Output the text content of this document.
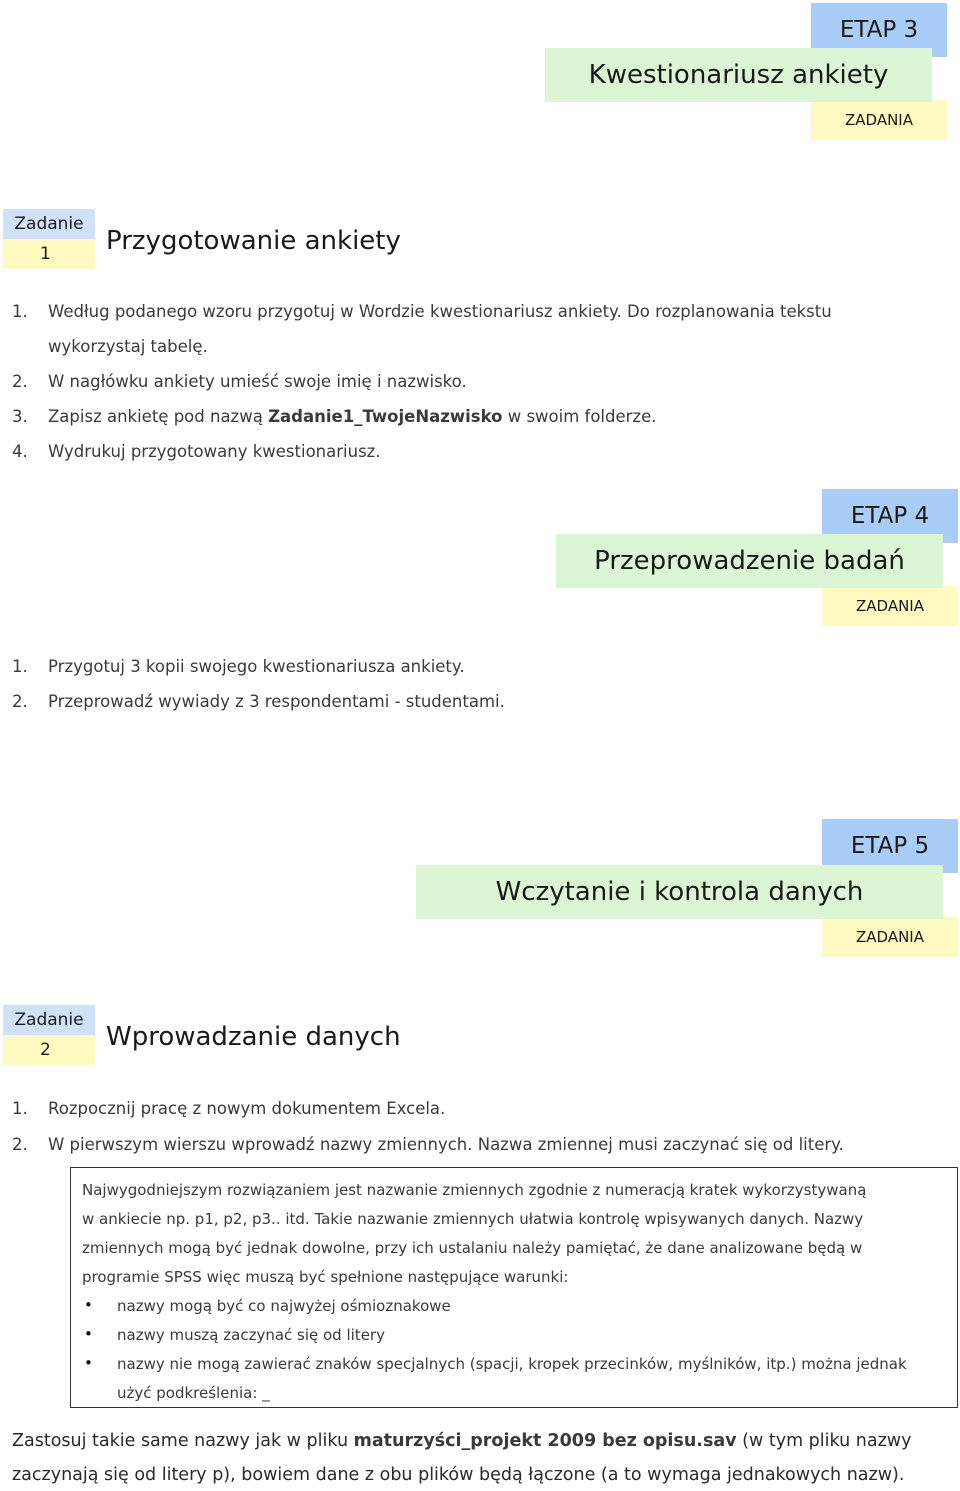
ETAP 3
ZADANIA
Kwestionariusz ankiety
Zadanie
1	Przygotowanie ankiety
1. Według podanego wzoru przygotuj w Wordzie kwestionariusz ankiety. Do rozplanowania tekstu
wykorzystaj tabelę.
2. W nagłówku ankiety umieść swoje imię i nazwisko.
3. Zapisz ankietę pod nazwą Zadanie1_TwojeNazwisko w swoim folderze.
4. Wydrukuj przygotowany kwestionariusz.
ETAP 4
ZADANIA
Przeprowadzenie badań
1. Przygotuj 3 kopii swojego kwestionariusza ankiety.
2. Przeprowadź wywiady z 3 respondentami - studentami.
ETAP 5
ZADANIA
Wczytanie i kontrola danych
Zadanie
2	Wprowadzanie danych
1. Rozpocznij pracę z nowym dokumentem Excela.
2. W pierwszym wierszu wprowadź nazwy zmiennych. Nazwa zmiennej musi zaczynać się od litery.
Najwygodniejszym rozwiązaniem jest nazwanie zmiennych zgodnie z numeracją kratek wykorzystywaną
w ankiecie np. p1, p2, p3.. itd. Takie nazwanie zmiennych ułatwia kontrolę wpisywanych danych. Nazwy
zmiennych mogą być jednak dowolne, przy ich ustalaniu należy pamiętać, że dane analizowane będą w
programie SPSS więc muszą być spełnione następujące warunki:
• nazwy mogą być co najwyżej ośmioznakowe
• nazwy muszą zaczynać się od litery
• nazwy nie mogą zawierać znaków specjalnych (spacji, kropek przecinków, myślników, itp.) można jednak
użyć podkreślenia: _
Zastosuj takie same nazwy jak w pliku maturzyści_projekt 2009 bez opisu.sav (w tym pliku nazwy
zaczynają się od litery p), bowiem dane z obu plików będą łączone (a to wymaga jednakowych nazw).
